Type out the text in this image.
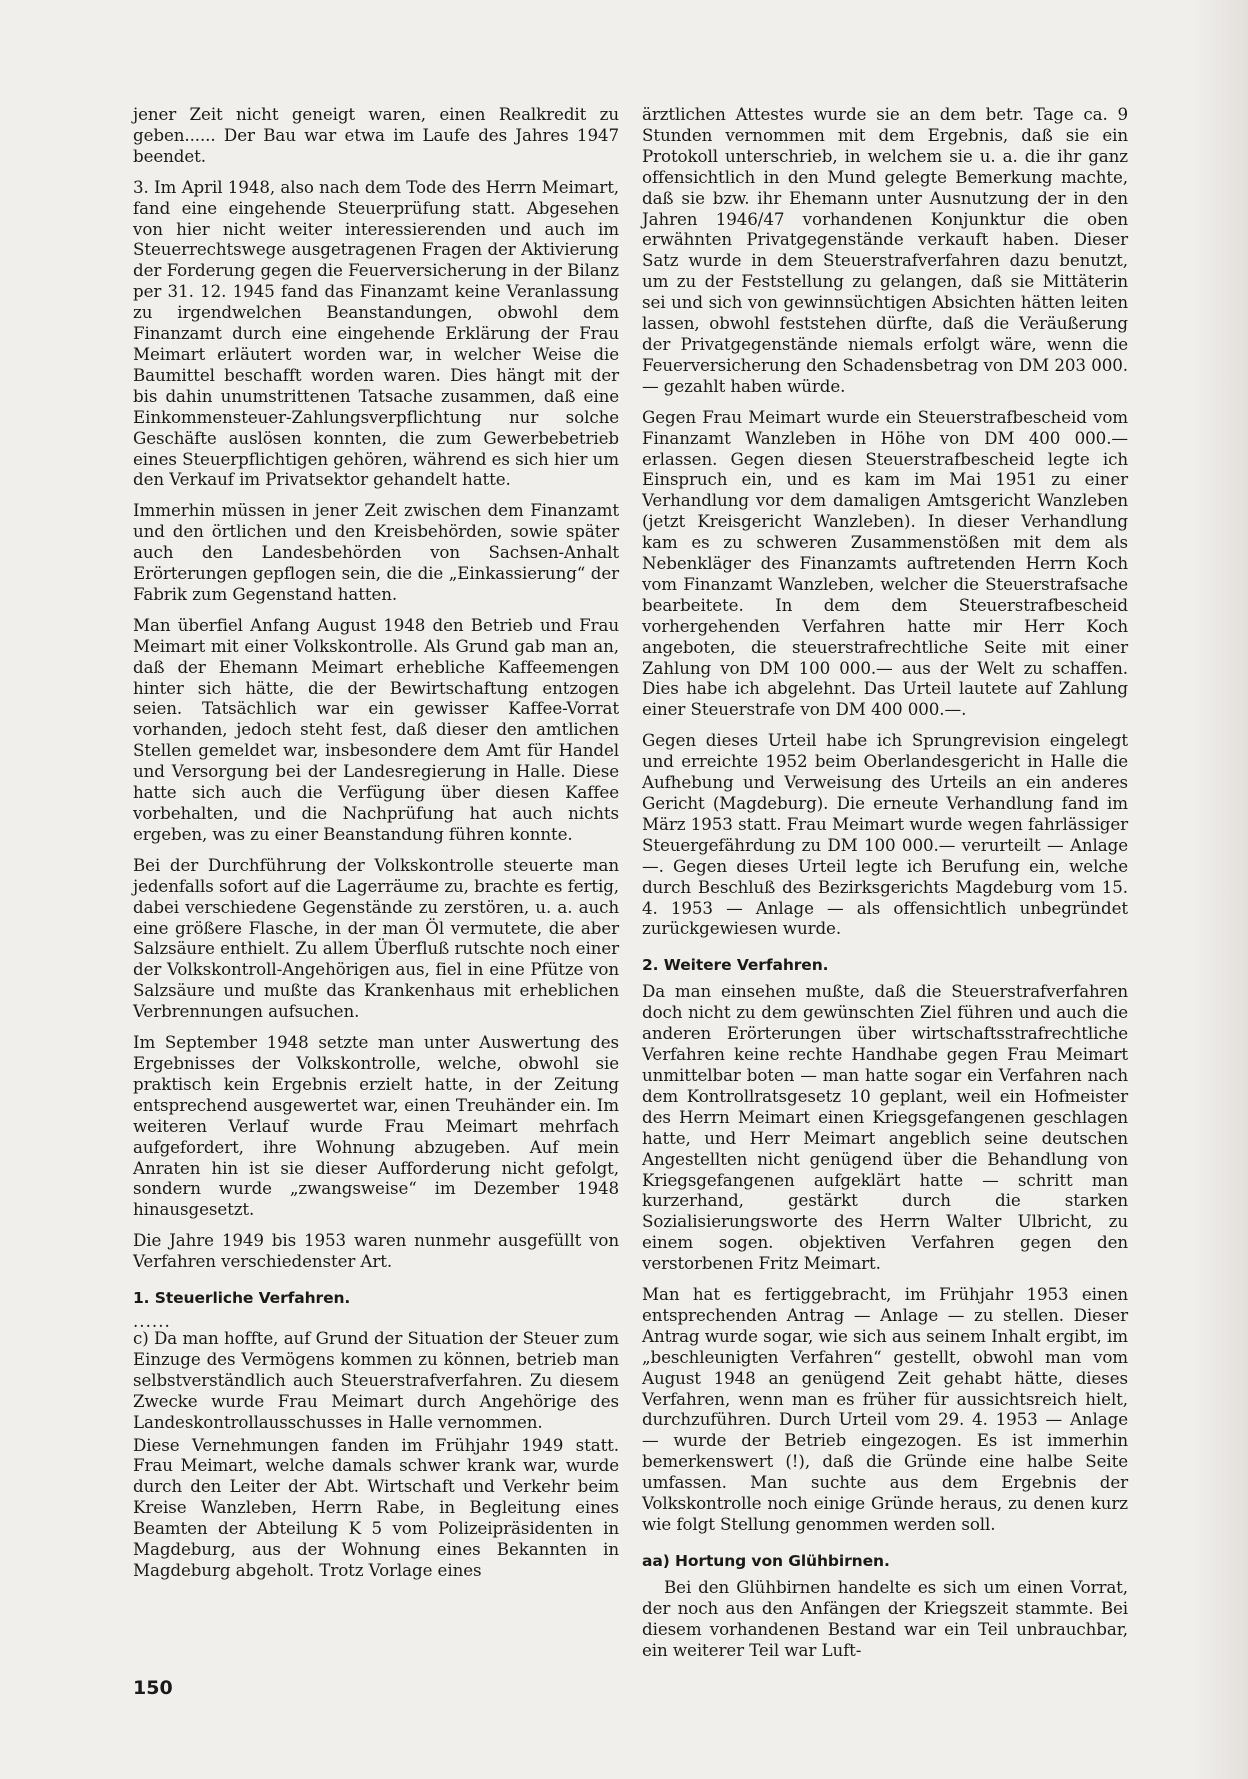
jener Zeit nicht geneigt waren, einen Realkredit zu geben...... Der Bau war etwa im Laufe des Jahres 1947 beendet.

3. Im April 1948, also nach dem Tode des Herrn Meimart, fand eine eingehende Steuerprüfung statt. Abgesehen von hier nicht weiter interessierenden und auch im Steuerrechtswege ausgetragenen Fragen der Aktivierung der Forderung gegen die Feuerversicherung in der Bilanz per 31. 12. 1945 fand das Finanzamt keine Veranlassung zu irgendwelchen Beanstandungen, obwohl dem Finanzamt durch eine eingehende Erklärung der Frau Meimart erläutert worden war, in welcher Weise die Baumittel beschafft worden waren. Dies hängt mit der bis dahin unumstrittenen Tatsache zusammen, daß eine Einkommensteuer-Zahlungsverpflichtung nur solche Geschäfte auslösen konnten, die zum Gewerbebetrieb eines Steuerpflichtigen gehören, während es sich hier um den Verkauf im Privatsektor gehandelt hatte.

Immerhin müssen in jener Zeit zwischen dem Finanzamt und den örtlichen und den Kreisbehörden, sowie später auch den Landesbehörden von Sachsen-Anhalt Erörterungen gepflogen sein, die die „Einkassierung“ der Fabrik zum Gegenstand hatten.

Man überfiel Anfang August 1948 den Betrieb und Frau Meimart mit einer Volkskontrolle. Als Grund gab man an, daß der Ehemann Meimart erhebliche Kaffeemengen hinter sich hätte, die der Bewirtschaftung entzogen seien. Tatsächlich war ein gewisser Kaffee-Vorrat vorhanden, jedoch steht fest, daß dieser den amtlichen Stellen gemeldet war, insbesondere dem Amt für Handel und Versorgung bei der Landesregierung in Halle. Diese hatte sich auch die Verfügung über diesen Kaffee vorbehalten, und die Nachprüfung hat auch nichts ergeben, was zu einer Beanstandung führen konnte.

Bei der Durchführung der Volkskontrolle steuerte man jedenfalls sofort auf die Lagerräume zu, brachte es fertig, dabei verschiedene Gegenstände zu zerstören, u. a. auch eine größere Flasche, in der man Öl vermutete, die aber Salzsäure enthielt. Zu allem Überfluß rutschte noch einer der Volkskontroll-Angehörigen aus, fiel in eine Pfütze von Salzsäure und mußte das Krankenhaus mit erheblichen Verbrennungen aufsuchen.

Im September 1948 setzte man unter Auswertung des Ergebnisses der Volkskontrolle, welche, obwohl sie praktisch kein Ergebnis erzielt hatte, in der Zeitung entsprechend ausgewertet war, einen Treuhänder ein. Im weiteren Verlauf wurde Frau Meimart mehrfach aufgefordert, ihre Wohnung abzugeben. Auf mein Anraten hin ist sie dieser Aufforderung nicht gefolgt, sondern wurde „zwangsweise“ im Dezember 1948 hinausgesetzt.

Die Jahre 1949 bis 1953 waren nunmehr ausgefüllt von Verfahren verschiedenster Art.

1. Steuerliche Verfahren.

......

c) Da man hoffte, auf Grund der Situation der Steuer zum Einzuge des Vermögens kommen zu können, betrieb man selbstverständlich auch Steuerstrafverfahren. Zu diesem Zwecke wurde Frau Meimart durch Angehörige des Landeskontrollausschusses in Halle vernommen.

Diese Vernehmungen fanden im Frühjahr 1949 statt. Frau Meimart, welche damals schwer krank war, wurde durch den Leiter der Abt. Wirtschaft und Verkehr beim Kreise Wanzleben, Herrn Rabe, in Begleitung eines Beamten der Abteilung K 5 vom Polizeipräsidenten in Magdeburg, aus der Wohnung eines Bekannten in Magdeburg abgeholt. Trotz Vorlage eines

ärztlichen Attestes wurde sie an dem betr. Tage ca. 9 Stunden vernommen mit dem Ergebnis, daß sie ein Protokoll unterschrieb, in welchem sie u. a. die ihr ganz offensichtlich in den Mund gelegte Bemerkung machte, daß sie bzw. ihr Ehemann unter Ausnutzung der in den Jahren 1946/47 vorhandenen Konjunktur die oben erwähnten Privatgegenstände verkauft haben. Dieser Satz wurde in dem Steuerstrafverfahren dazu benutzt, um zu der Feststellung zu gelangen, daß sie Mittäterin sei und sich von gewinnsüchtigen Absichten hätten leiten lassen, obwohl feststehen dürfte, daß die Veräußerung der Privatgegenstände niemals erfolgt wäre, wenn die Feuerversicherung den Schadensbetrag von DM 203 000.— gezahlt haben würde.

Gegen Frau Meimart wurde ein Steuerstrafbescheid vom Finanzamt Wanzleben in Höhe von DM 400 000.— erlassen. Gegen diesen Steuerstrafbescheid legte ich Einspruch ein, und es kam im Mai 1951 zu einer Verhandlung vor dem damaligen Amtsgericht Wanzleben (jetzt Kreisgericht Wanzleben). In dieser Verhandlung kam es zu schweren Zusammenstößen mit dem als Nebenkläger des Finanzamts auftretenden Herrn Koch vom Finanzamt Wanzleben, welcher die Steuerstrafsache bearbeitete. In dem dem Steuerstrafbescheid vorhergehenden Verfahren hatte mir Herr Koch angeboten, die steuerstrafrechtliche Seite mit einer Zahlung von DM 100 000.— aus der Welt zu schaffen. Dies habe ich abgelehnt. Das Urteil lautete auf Zahlung einer Steuerstrafe von DM 400 000.—.

Gegen dieses Urteil habe ich Sprungrevision eingelegt und erreichte 1952 beim Oberlandesgericht in Halle die Aufhebung und Verweisung des Urteils an ein anderes Gericht (Magdeburg). Die erneute Verhandlung fand im März 1953 statt. Frau Meimart wurde wegen fahrlässiger Steuergefährdung zu DM 100 000.— verurteilt — Anlage —. Gegen dieses Urteil legte ich Berufung ein, welche durch Beschluß des Bezirksgerichts Magdeburg vom 15. 4. 1953 — Anlage — als offensichtlich unbegründet zurückgewiesen wurde.

2. Weitere Verfahren.

Da man einsehen mußte, daß die Steuerstrafverfahren doch nicht zu dem gewünschten Ziel führen und auch die anderen Erörterungen über wirtschaftsstrafrechtliche Verfahren keine rechte Handhabe gegen Frau Meimart unmittelbar boten — man hatte sogar ein Verfahren nach dem Kontrollratsgesetz 10 geplant, weil ein Hofmeister des Herrn Meimart einen Kriegsgefangenen geschlagen hatte, und Herr Meimart angeblich seine deutschen Angestellten nicht genügend über die Behandlung von Kriegsgefangenen aufgeklärt hatte — schritt man kurzerhand, gestärkt durch die starken Sozialisierungsworte des Herrn Walter Ulbricht, zu einem sogen. objektiven Verfahren gegen den verstorbenen Fritz Meimart.

Man hat es fertiggebracht, im Frühjahr 1953 einen entsprechenden Antrag — Anlage — zu stellen. Dieser Antrag wurde sogar, wie sich aus seinem Inhalt ergibt, im „beschleunigten Verfahren“ gestellt, obwohl man vom August 1948 an genügend Zeit gehabt hätte, dieses Verfahren, wenn man es früher für aussichtsreich hielt, durchzuführen. Durch Urteil vom 29. 4. 1953 — Anlage — wurde der Betrieb eingezogen. Es ist immerhin bemerkenswert (!), daß die Gründe eine halbe Seite umfassen. Man suchte aus dem Ergebnis der Volkskontrolle noch einige Gründe heraus, zu denen kurz wie folgt Stellung genommen werden soll.

aa) Hortung von Glühbirnen.

Bei den Glühbirnen handelte es sich um einen Vorrat, der noch aus den Anfängen der Kriegszeit stammte. Bei diesem vorhandenen Bestand war ein Teil unbrauchbar, ein weiterer Teil war Luft-

150
